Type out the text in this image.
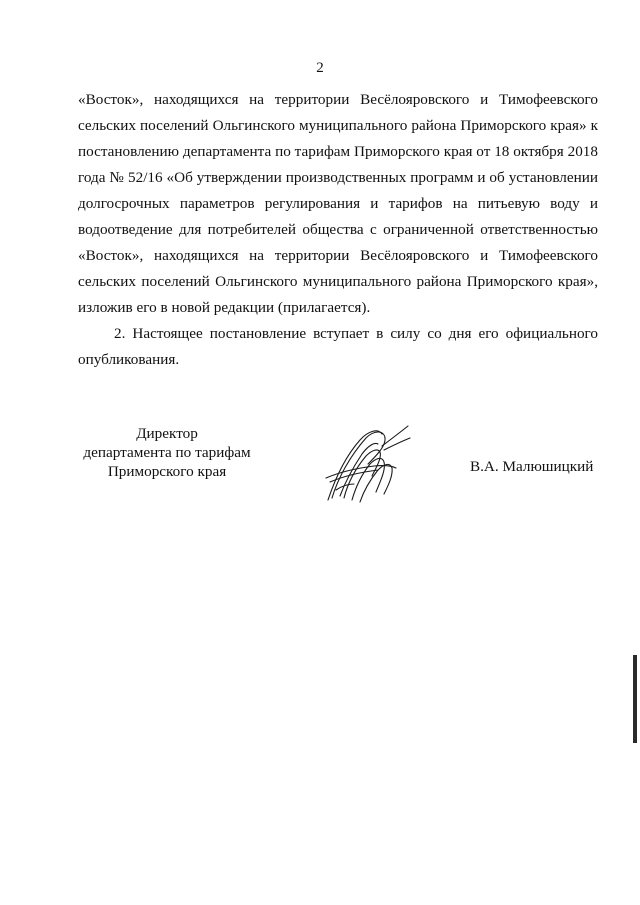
2
«Восток», находящихся на территории Весёлояровского и Тимофеевского
сельских поселений Ольгинского муниципального района Приморского края» к
постановлению департамента по тарифам Приморского края от 18 октября 2018
года № 52/16 «Об утверждении производственных программ и об установлении
долгосрочных параметров регулирования и тарифов на питьевую воду и
водоотведение для потребителей общества с ограниченной ответственностью
«Восток», находящихся на территории Весёлояровского и Тимофеевского
сельских поселений Ольгинского муниципального района Приморского края»,
изложив его в новой редакции (прилагается).
2. Настоящее постановление вступает в силу со дня его официального
опубликования.
Директор
департамента по тарифам
Приморского края	В.А. Малюшицкий
